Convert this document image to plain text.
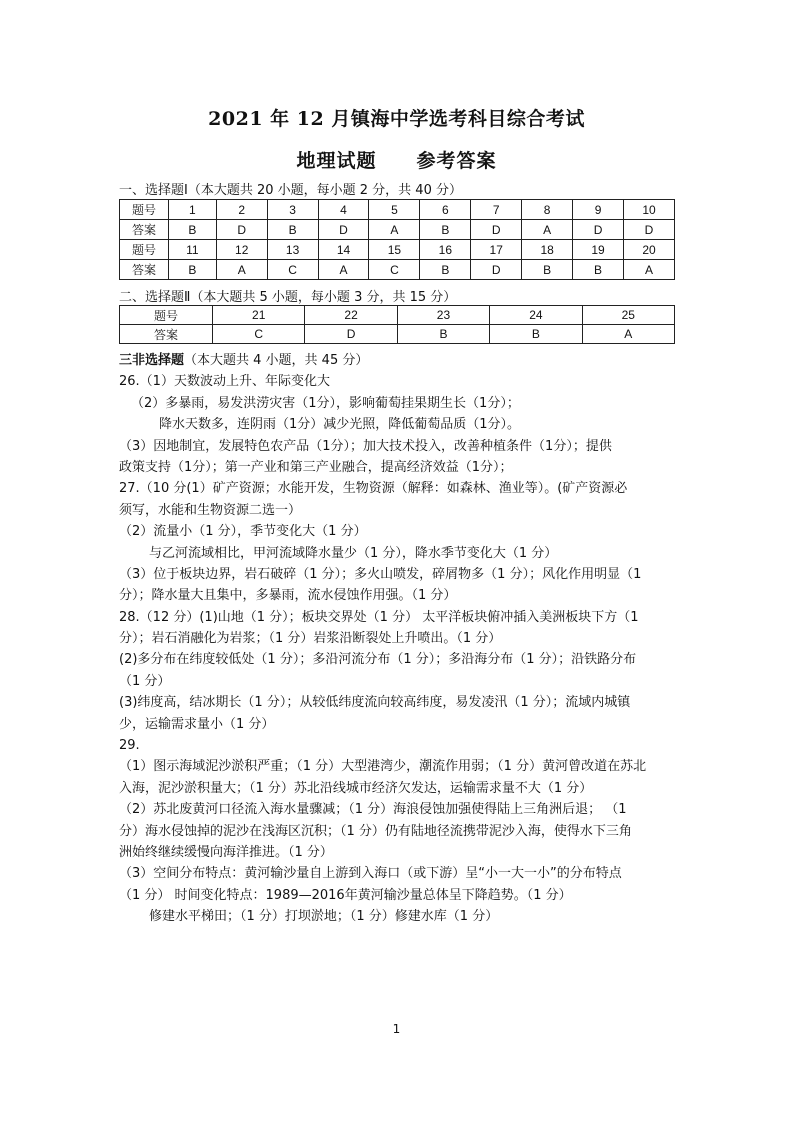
2021 年 12 月镇海中学选考科目综合考试
地理试题 参考答案
一、选择题Ⅰ（本大题共 20 小题，每小题 2 分，共 40 分）
题号	1	2	3	4	5	6	7	8	9	10
答案	B	D	B	D	A	B	D	A	D	D
题号	11	12	13	14	15	16	17	18	19	20
答案	B	A	C	A	C	B	D	B	B	A
二、选择题Ⅱ（本大题共 5 小题，每小题 3 分，共 15 分）
题号	21	22	23	24	25
答案	C	D	B	B	A
三非选择题（本大题共 4 小题，共 45 分）
26.（1）天数波动上升、年际变化大
（2）多暴雨，易发洪涝灾害（1分），影响葡萄挂果期生长（1分）；
降水天数多，连阴雨（1分）减少光照，降低葡萄品质（1分）。
（3）因地制宜，发展特色农产品（1分）；加大技术投入，改善种植条件（1分）；提供
政策支持（1分）；第一产业和第三产业融合，提高经济效益（1分）；
27.（10 分(1）矿产资源；水能开发，生物资源（解释：如森林、渔业等）。(矿产资源必
须写，水能和生物资源二选一）
（2）流量小（1 分），季节变化大（1 分）
与乙河流域相比，甲河流域降水量少（1 分），降水季节变化大（1 分）
（3）位于板块边界，岩石破碎（1 分）；多火山喷发，碎屑物多（1 分）；风化作用明显（1
分）；降水量大且集中，多暴雨，流水侵蚀作用强。（1 分）
28.（12 分）(1)山地（1 分）；板块交界处（1 分） 太平洋板块俯冲插入美洲板块下方（1
分）；岩石消融化为岩浆；（1 分）岩浆沿断裂处上升喷出。（1 分）
(2)多分布在纬度较低处（1 分）；多沿河流分布（1 分）；多沿海分布（1 分）；沿铁路分布
（1 分）
(3)纬度高，结冰期长（1 分）；从较低纬度流向较高纬度，易发凌汛（1 分）；流域内城镇
少，运输需求量小（1 分）
29.
（1）图示海域泥沙淤积严重；（1 分）大型港湾少，潮流作用弱；（1 分）黄河曾改道在苏北
入海，泥沙淤积量大；（1 分）苏北沿线城市经济欠发达，运输需求量不大（1 分）
（2）苏北废黄河口径流入海水量骤减；（1 分）海浪侵蚀加强使得陆上三角洲后退； （1
分）海水侵蚀掉的泥沙在浅海区沉积；（1 分）仍有陆地径流携带泥沙入海，使得水下三角
洲始终继续缓慢向海洋推进。（1 分）
（3）空间分布特点：黄河输沙量自上游到入海口（或下游）呈“小一大一小”的分布特点
（1 分） 时间变化特点：1989—2016年黄河输沙量总体呈下降趋势。（1 分）
修建水平梯田；（1 分）打坝淤地；（1 分）修建水库（1 分）
1
